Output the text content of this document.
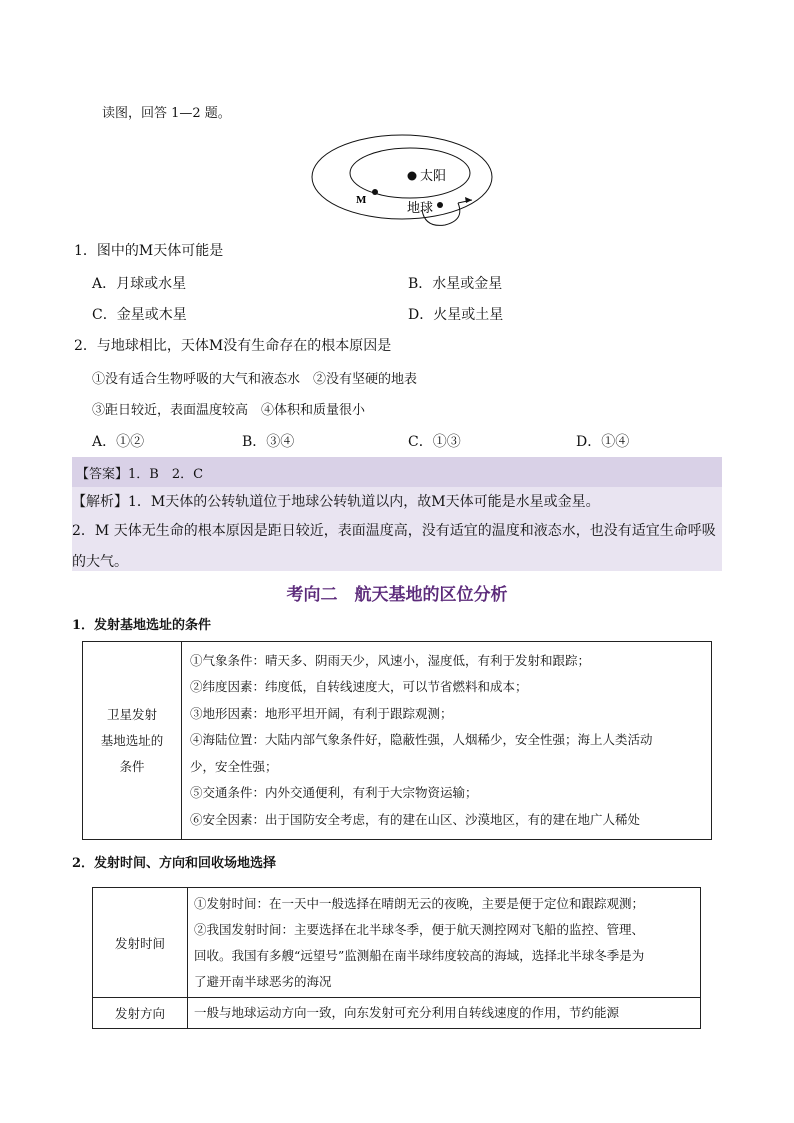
读图，回答 1—2 题。
太阳
M	地球
1．图中的M天体可能是
A．月球或水星	B．水星或金星
C．金星或木星	D．火星或土星
2．与地球相比，天体M没有生命存在的根本原因是
①没有适合生物呼吸的大气和液态水　②没有坚硬的地表
③距日较近，表面温度较高　④体积和质量很小
A．①②	B．③④	C．①③	D．①④
【答案】1．B　2．C
【解析】1．M天体的公转轨道位于地球公转轨道以内，故M天体可能是水星或金星。
2．M 天体无生命的根本原因是距日较近，表面温度高，没有适宜的温度和液态水，也没有适宜生命呼吸
的大气。
考向二　航天基地的区位分析
1．发射基地选址的条件
卫星发射
基地选址的
条件

①气象条件：晴天多、阴雨天少，风速小，湿度低，有利于发射和跟踪；
②纬度因素：纬度低，自转线速度大，可以节省燃料和成本；
③地形因素：地形平坦开阔，有利于跟踪观测；
④海陆位置：大陆内部气象条件好，隐蔽性强，人烟稀少，安全性强；海上人类活动
少，安全性强；
⑤交通条件：内外交通便利，有利于大宗物资运输；
⑥安全因素：出于国防安全考虑，有的建在山区、沙漠地区，有的建在地广人稀处
2．发射时间、方向和回收场地选择
发射时间	①发射时间：在一天中一般选择在晴朗无云的夜晚，主要是便于定位和跟踪观测；
②我国发射时间：主要选择在北半球冬季，便于航天测控网对飞船的监控、管理、
回收。我国有多艘“远望号”监测船在南半球纬度较高的海域，选择北半球冬季是为
了避开南半球恶劣的海况

发射方向	一般与地球运动方向一致，向东发射可充分利用自转线速度的作用，节约能源
